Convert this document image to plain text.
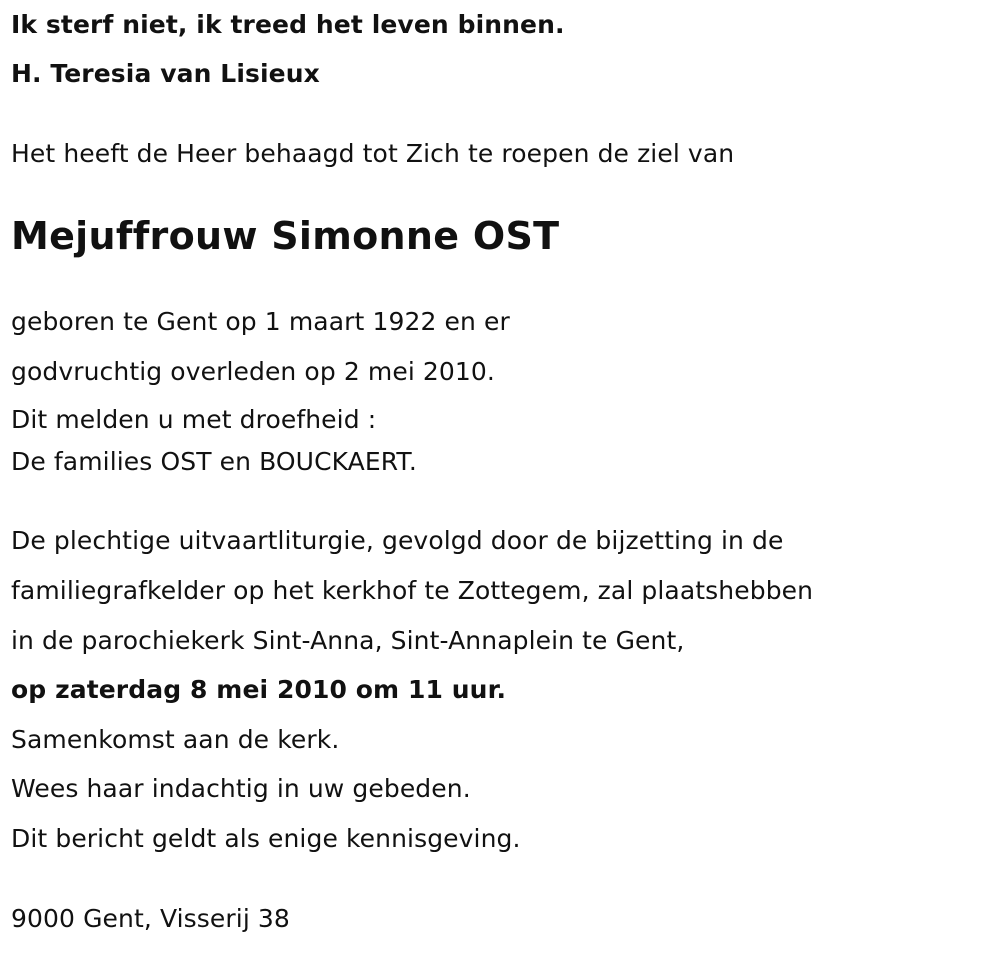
Ik sterf niet, ik treed het leven binnen.
H. Teresia van Lisieux
Het heeft de Heer behaagd tot Zich te roepen de ziel van
Mejuffrouw Simonne OST
geboren te Gent op 1 maart 1922 en er
godvruchtig overleden op 2 mei 2010.
Dit melden u met droefheid :
De families OST en BOUCKAERT.
De plechtige uitvaartliturgie, gevolgd door de bijzetting in de
familiegrafkelder op het kerkhof te Zottegem, zal plaatshebben
in de parochiekerk Sint-Anna, Sint-Annaplein te Gent,
op zaterdag 8 mei 2010 om 11 uur.
Samenkomst aan de kerk.
Wees haar indachtig in uw gebeden.
Dit bericht geldt als enige kennisgeving.
9000 Gent, Visserij 38
